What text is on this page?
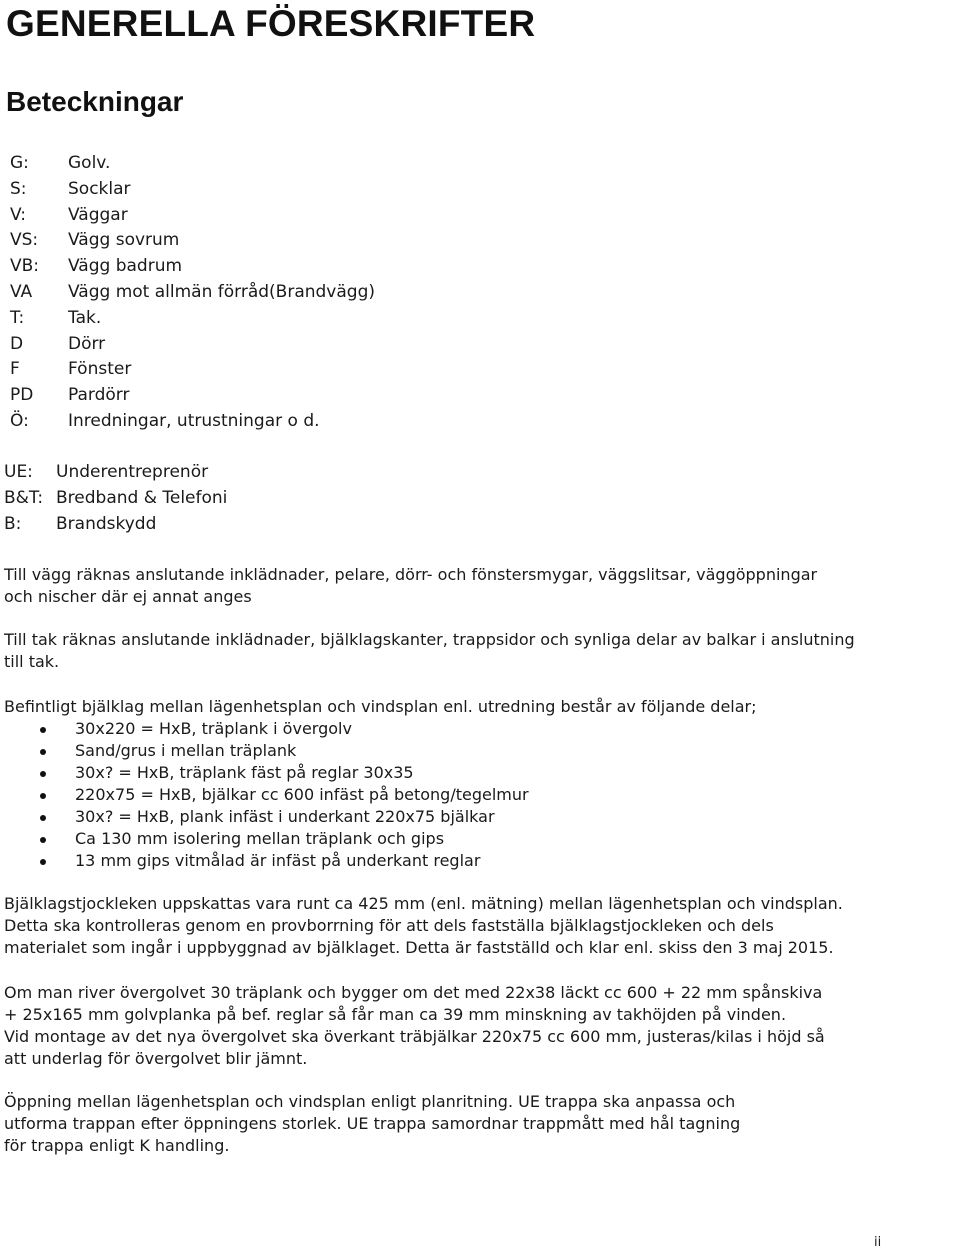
GENERELLA FÖRESKRIFTER
Beteckningar
G:	Golv.
S:	Socklar
V:	Väggar
VS:	Vägg sovrum
VB:	Vägg badrum
VA	Vägg mot allmän förråd(Brandvägg)
T:	Tak.
D	Dörr
F	Fönster
PD	Pardörr
Ö:	Inredningar, utrustningar o d.
UE:	Underentreprenör
B&T: Bredband & Telefoni
B:	Brandskydd

Till vägg räknas anslutande inklädnader, pelare, dörr- och fönstersmygar, väggslitsar, väggöppningar
och nischer där ej annat anges

Till tak räknas anslutande inklädnader, bjälklagskanter, trappsidor och synliga delar av balkar i anslutning
till tak.

Befintligt bjälklag mellan lägenhetsplan och vindsplan enl. utredning består av följande delar;

30x220 = HxB, träplank i övergolv
Sand/grus i mellan träplank
30x? = HxB, träplank fäst på reglar 30x35
220x75 = HxB, bjälkar cc 600 infäst på betong/tegelmur
30x? = HxB, plank infäst i underkant 220x75 bjälkar
Ca 130 mm isolering mellan träplank och gips
13 mm gips vitmålad är infäst på underkant reglar

Bjälklagstjockleken uppskattas vara runt ca 425 mm (enl. mätning) mellan lägenhetsplan och vindsplan.
Detta ska kontrolleras genom en provborrning för att dels fastställa bjälklagstjockleken och dels
materialet som ingår i uppbyggnad av bjälklaget. Detta är fastställd och klar enl. skiss den 3 maj 2015.

Om man river övergolvet 30 träplank och bygger om det med 22x38 läckt cc 600 + 22 mm spånskiva
+ 25x165 mm golvplanka på bef. reglar så får man ca 39 mm minskning av takhöjden på vinden.
Vid montage av det nya övergolvet ska överkant träbjälkar 220x75 cc 600 mm, justeras/kilas i höjd så
att underlag för övergolvet blir jämnt.

Öppning mellan lägenhetsplan och vindsplan enligt planritning. UE trappa ska anpassa och
utforma trappan efter öppningens storlek. UE trappa samordnar trappmått med hål tagning
för trappa enligt K handling.

ii
